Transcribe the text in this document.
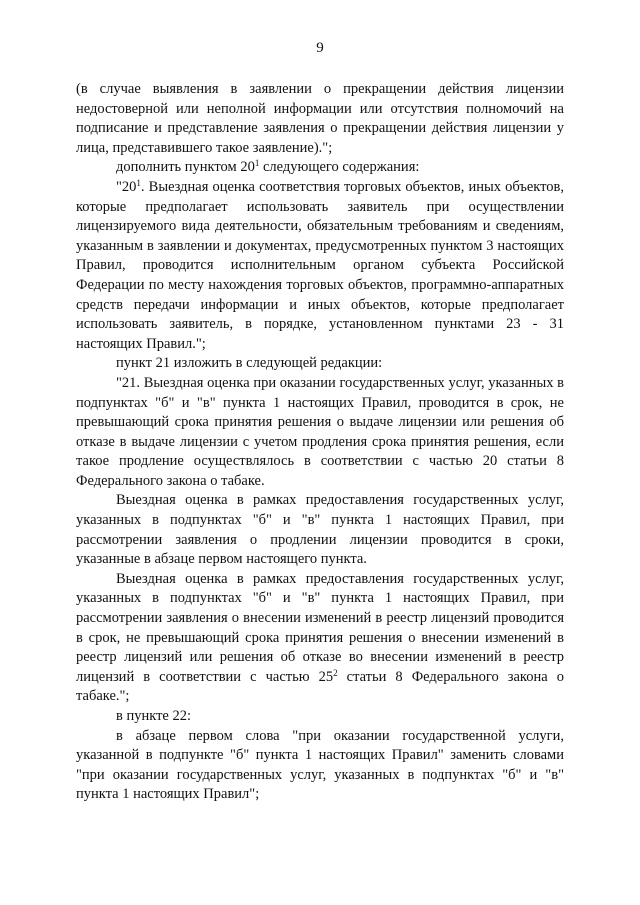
9

(в случае выявления в заявлении о прекращении действия лицензии недостоверной или неполной информации или отсутствия полномочий на подписание и представление заявления о прекращении действия лицензии у лица, представившего такое заявление).";

дополнить пунктом $20^1$ следующего содержания:

"$20^1$. Выездная оценка соответствия торговых объектов, иных объектов, которые предполагает использовать заявитель при осуществлении лицензируемого вида деятельности, обязательным требованиям и сведениям, указанным в заявлении и документах, предусмотренных пунктом 3 настоящих Правил, проводится исполнительным органом субъекта Российской Федерации по месту нахождения торговых объектов, программно-аппаратных средств передачи информации и иных объектов, которые предполагает использовать заявитель, в порядке, установленном пунктами 23 - 31 настоящих Правил.";

пункт 21 изложить в следующей редакции:

"21. Выездная оценка при оказании государственных услуг, указанных в подпунктах "б" и "в" пункта 1 настоящих Правил, проводится в срок, не превышающий срока принятия решения о выдаче лицензии или решения об отказе в выдаче лицензии с учетом продления срока принятия решения, если такое продление осуществлялось в соответствии с частью 20 статьи 8 Федерального закона о табаке.

Выездная оценка в рамках предоставления государственных услуг, указанных в подпунктах "б" и "в" пункта 1 настоящих Правил, при рассмотрении заявления о продлении лицензии проводится в сроки, указанные в абзаце первом настоящего пункта.

Выездная оценка в рамках предоставления государственных услуг, указанных в подпунктах "б" и "в" пункта 1 настоящих Правил, при рассмотрении заявления о внесении изменений в реестр лицензий проводится в срок, не превышающий срока принятия решения о внесении изменений в реестр лицензий или решения об отказе во внесении изменений в реестр лицензий в соответствии с частью $25^2$ статьи 8 Федерального закона о табаке.";

в пункте 22:

в абзаце первом слова "при оказании государственной услуги, указанной в подпункте "б" пункта 1 настоящих Правил" заменить словами "при оказании государственных услуг, указанных в подпунктах "б" и "в" пункта 1 настоящих Правил";
